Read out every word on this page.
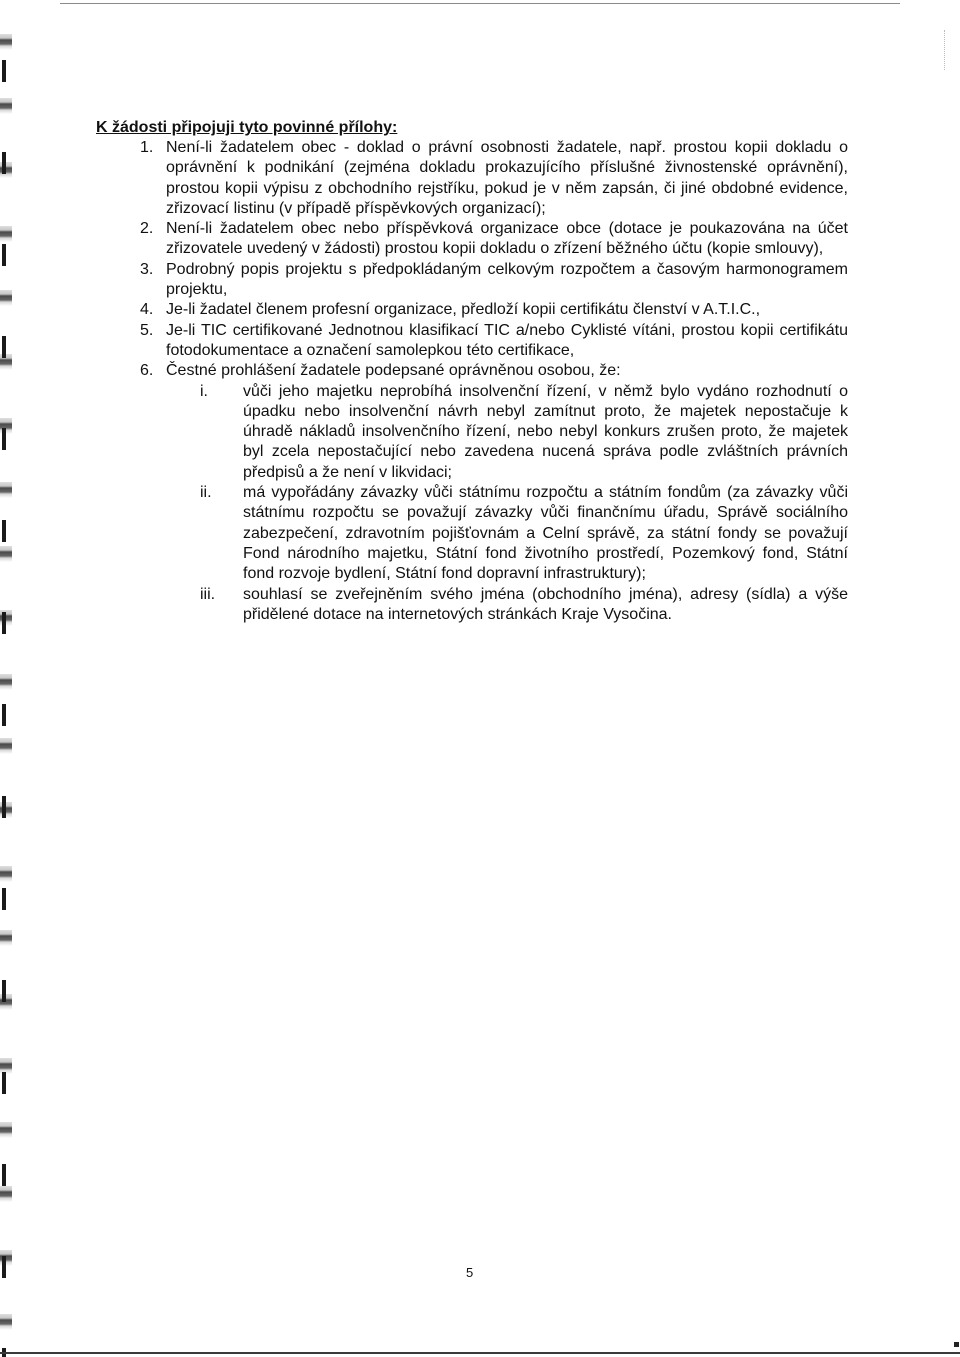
K žádosti připojuji tyto povinné přílohy:
1. Není-li žadatelem obec - doklad o právní osobnosti žadatele, např. prostou kopii dokladu o oprávnění k podnikání (zejména dokladu prokazujícího příslušné živnostenské oprávnění), prostou kopii výpisu z obchodního rejstříku, pokud je v něm zapsán, či jiné obdobné evidence, zřizovací listinu (v případě příspěvkových organizací);
2. Není-li žadatelem obec nebo příspěvková organizace obce (dotace je poukazována na účet zřizovatele uvedený v žádosti) prostou kopii dokladu o zřízení běžného účtu (kopie smlouvy),
3. Podrobný popis projektu s předpokládaným celkovým rozpočtem a časovým harmonogramem projektu,
4. Je-li žadatel členem profesní organizace, předloží kopii certifikátu členství v A.T.I.C.,
5. Je-li TIC certifikované Jednotnou klasifikací TIC a/nebo Cyklisté vítáni, prostou kopii certifikátu fotodokumentace a označení samolepkou této certifikace,
6. Čestné prohlášení žadatele podepsané oprávněnou osobou, že:
i. vůči jeho majetku neprobíhá insolvenční řízení, v němž bylo vydáno rozhodnutí o úpadku nebo insolvenční návrh nebyl zamítnut proto, že majetek nepostačuje k úhradě nákladů insolvenčního řízení, nebo nebyl konkurs zrušen proto, že majetek byl zcela nepostačující nebo zavedena nucená správa podle zvláštních právních předpisů a že není v likvidaci;
ii. má vypořádány závazky vůči státnímu rozpočtu a státním fondům (za závazky vůči státnímu rozpočtu se považují závazky vůči finančnímu úřadu, Správě sociálního zabezpečení, zdravotním pojišťovnám a Celní správě, za státní fondy se považují Fond národního majetku, Státní fond životního prostředí, Pozemkový fond, Státní fond rozvoje bydlení, Státní fond dopravní infrastruktury);
iii. souhlasí se zveřejněním svého jména (obchodního jména), adresy (sídla) a výše přidělené dotace na internetových stránkách Kraje Vysočina.
5
